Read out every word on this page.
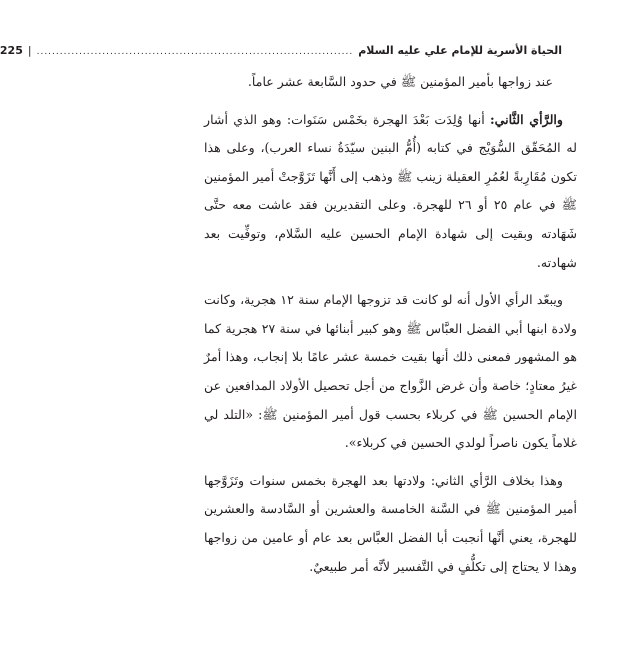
الحياة الأسرية للإمام علي عليه السلام
..................................................................................
|
225

عند زواجها بأمير المؤمنين ﷺ في حدود السَّابعة عشر عاماً.

والرَّأي الثَّاني: أنها وُلِدَت بَعْدَ الهجرة بخَمْس سَنَوات: وهو الذي أشار له المُحَقّق السُّوَيْج في كتابه (أُمُّ البنين سيّدَةُ نساء العرب)، وعلى هذا تكون مُقَارِبةً لعُمُرِ العقيلة زينب ﷺ وذهب إلى أَنَّها تَزَوَّجتْ أمير المؤمنين ﷺ في عام ٢٥ أو ٢٦ للهجرة. وعلى التقديرين فقد عاشت معه حتَّى شَهَادته وبقيت إلى شهادة الإمام الحسين عليه السَّلام، وتوفِّيت بعد شهادته.

ويبعّد الرأي الأول أنه لو كانت قد تزوجها الإمام سنة ١٢ هجرية، وكانت ولادة ابنها أبي الفضل العبَّاس ﷺ وهو كبير أبنائها في سنة ٢٧ هجرية كما هو المشهور فمعنى ذلك أنها بقيت خمسة عشر عامًا بلا إنجاب، وهذا أمرٌ غيرُ معتادٍ؛ خاصة وأن غرض الزَّواج من أجل تحصيل الأولاد المدافعين عن الإمام الحسين ﷺ في كربلاء بحسب قول أمير المؤمنين ﷺ: «التلد لي غلاماً يكون ناصراً لولدي الحسين في كربلاء».

وهذا بخلاف الرَّأي الثاني: ولادتها بعد الهجرة بخمس سنوات وتَزَوَّجها أمير المؤمنين ﷺ في السَّنة الخامسة والعشرين أو السَّادسة والعشرين للهجرة، يعني أنَّها أنجبت أبا الفضل العبَّاس بعد عام أو عامين من زواجها وهذا لا يحتاج إلى تكلُّفٍ في التَّفسير لأنَّه أمر طبيعيٌ.
